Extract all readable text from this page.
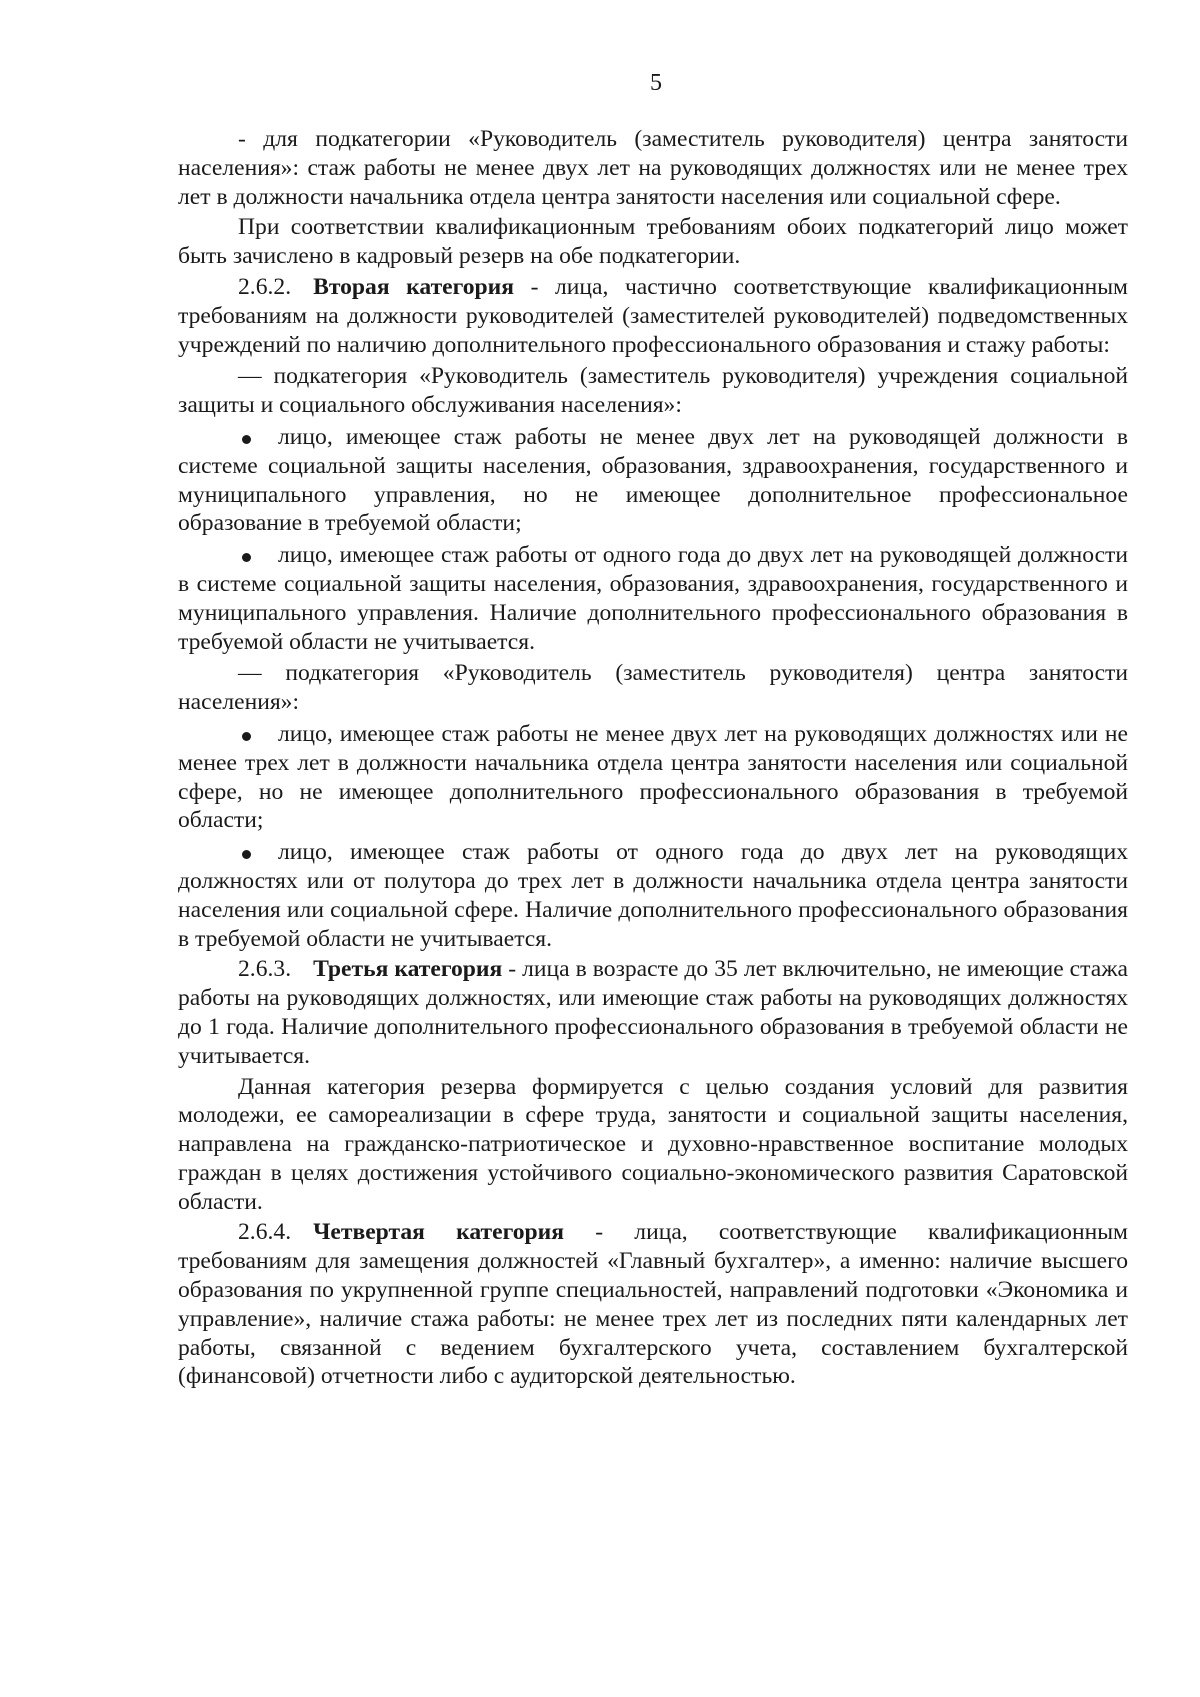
5

- для подкатегории «Руководитель (заместитель руководителя) центра занятости населения»: стаж работы не менее двух лет на руководящих должностях или не менее трех лет в должности начальника отдела центра занятости населения или социальной сфере.

При соответствии квалификационным требованиям обоих подкатегорий лицо может быть зачислено в кадровый резерв на обе подкатегории.

2.6.2. Вторая категория - лица, частично соответствующие квалификационным требованиям на должности руководителей (заместителей руководителей) подведомственных учреждений по наличию дополнительного профессионального образования и стажу работы:

— подкатегория «Руководитель (заместитель руководителя) учреждения социальной защиты и социального обслуживания населения»:

лицо, имеющее стаж работы не менее двух лет на руководящей должности в системе социальной защиты населения, образования, здравоохранения, государственного и муниципального управления, но не имеющее дополнительное профессиональное образование в требуемой области;
лицо, имеющее стаж работы от одного года до двух лет на руководящей должности в системе социальной защиты населения, образования, здравоохранения, государственного и муниципального управления. Наличие дополнительного профессионального образования в требуемой области не учитывается.

— подкатегория «Руководитель (заместитель руководителя) центра занятости населения»:

лицо, имеющее стаж работы не менее двух лет на руководящих должностях или не менее трех лет в должности начальника отдела центра занятости населения или социальной сфере, но не имеющее дополнительного профессионального образования в требуемой области;
лицо, имеющее стаж работы от одного года до двух лет на руководящих должностях или от полутора до трех лет в должности начальника отдела центра занятости населения или социальной сфере. Наличие дополнительного профессионального образования в требуемой области не учитывается.

2.6.3. Третья категория - лица в возрасте до 35 лет включительно, не имеющие стажа работы на руководящих должностях, или имеющие стаж работы на руководящих должностях до 1 года. Наличие дополнительного профессионального образования в требуемой области не учитывается.

Данная категория резерва формируется с целью создания условий для развития молодежи, ее самореализации в сфере труда, занятости и социальной защиты населения, направлена на гражданско-патриотическое и духовно-нравственное воспитание молодых граждан в целях достижения устойчивого социально-экономического развития Саратовской области.

2.6.4. Четвертая категория - лица, соответствующие квалификационным требованиям для замещения должностей «Главный бухгалтер», а именно: наличие высшего образования по укрупненной группе специальностей, направлений подготовки «Экономика и управление», наличие стажа работы: не менее трех лет из последних пяти календарных лет работы, связанной с ведением бухгалтерского учета, составлением бухгалтерской (финансовой) отчетности либо с аудиторской деятельностью.
